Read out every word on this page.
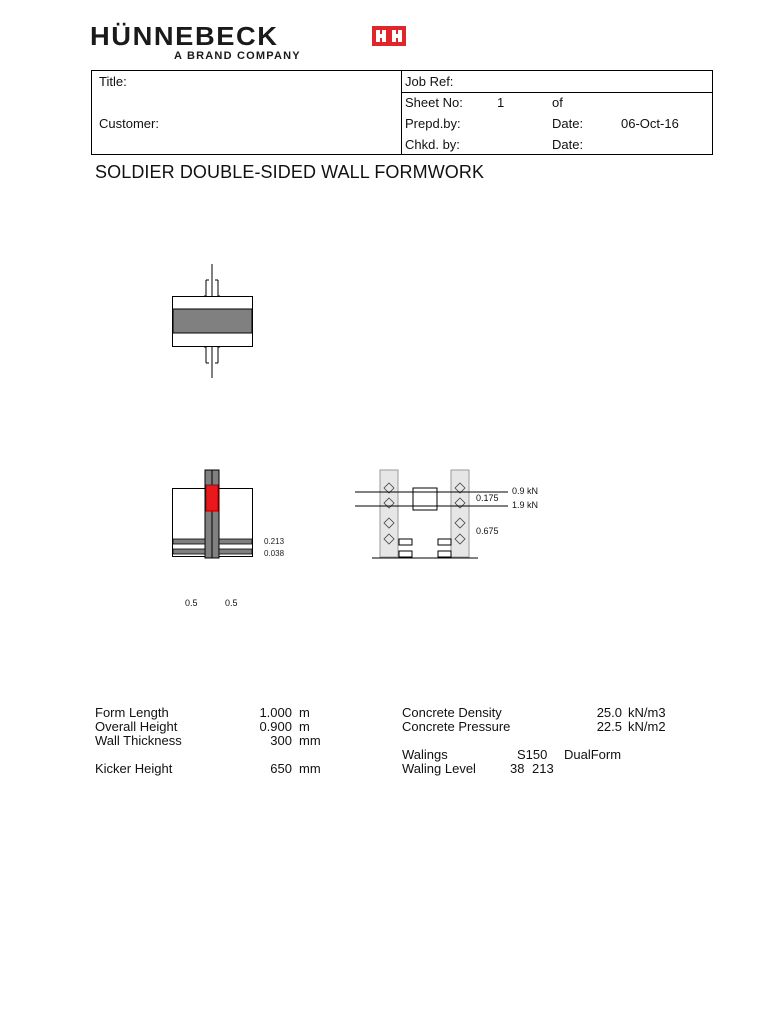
HÜNNEBECK
A BRAND COMPANY
Title:
Customer:
Job Ref:
Sheet No:	1	of
Prepd.by:	Date:	06-Oct-16
Chkd. by:	Date:
SOLDIER DOUBLE-SIDED WALL FORMWORK
0.213
0.038
0.5	0.5
0.9 kN
1.9 kN
0.175
0.675
Form Length	1.000 m
Overall Height	0.900 m
Wall Thickness	300 mm
Kicker Height	650 mm
Concrete Density	25.0 kN/m3
Concrete Pressure	22.5 kN/m2
Walings	S150 DualForm
Waling Level	38 213
